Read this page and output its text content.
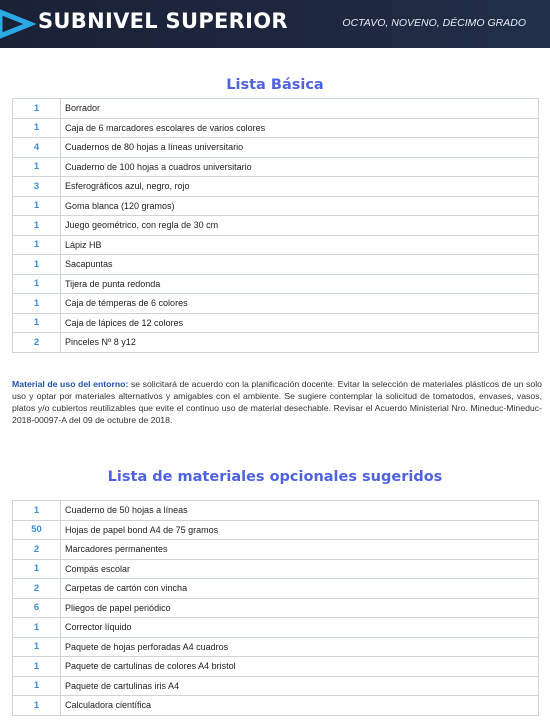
SUBNIVEL SUPERIOR	OCTAVO, NOVENO, DÉCIMO GRADO
Lista Básica
1	Borrador
1	Caja de 6 marcadores escolares de varios colores
4	Cuadernos de 80 hojas a líneas universitario
1	Cuaderno de 100 hojas a cuadros universitario
3	Esferográficos azul, negro, rojo
1	Goma blanca (120 gramos)
1	Juego geométrico, con regla de 30 cm
1	Lápiz HB
1	Sacapuntas
1	Tijera de punta redonda
1	Caja de témperas de 6 colores
1	Caja de lápices de 12 colores
2	Pinceles Nº 8 y12
Material de uso del entorno: se solicitará de acuerdo con la planificación docente. Evitar la selección de materiales plásticos de un solo uso y optar por materiales alternativos y amigables con el ambiente. Se sugiere contemplar la solicitud de tomatodos, envases, vasos, platos y/o cubiertos reutilizables que evite el continuo uso de material desechable. Revisar el Acuerdo Ministerial Nro. Mineduc-Mineduc-2018-00097-A del 09 de octubre de 2018.
Lista de materiales opcionales sugeridos
1	Cuaderno de 50 hojas a líneas
50	Hojas de papel bond A4 de 75 gramos
2	Marcadores permanentes
1	Compás escolar
2	Carpetas de cartón con vincha
6	Pliegos de papel periódico
1	Corrector líquido
1	Paquete de hojas perforadas A4 cuadros
1	Paquete de cartulinas de colores A4 bristol
1	Paquete de cartulinas iris A4
1	Calculadora científica
